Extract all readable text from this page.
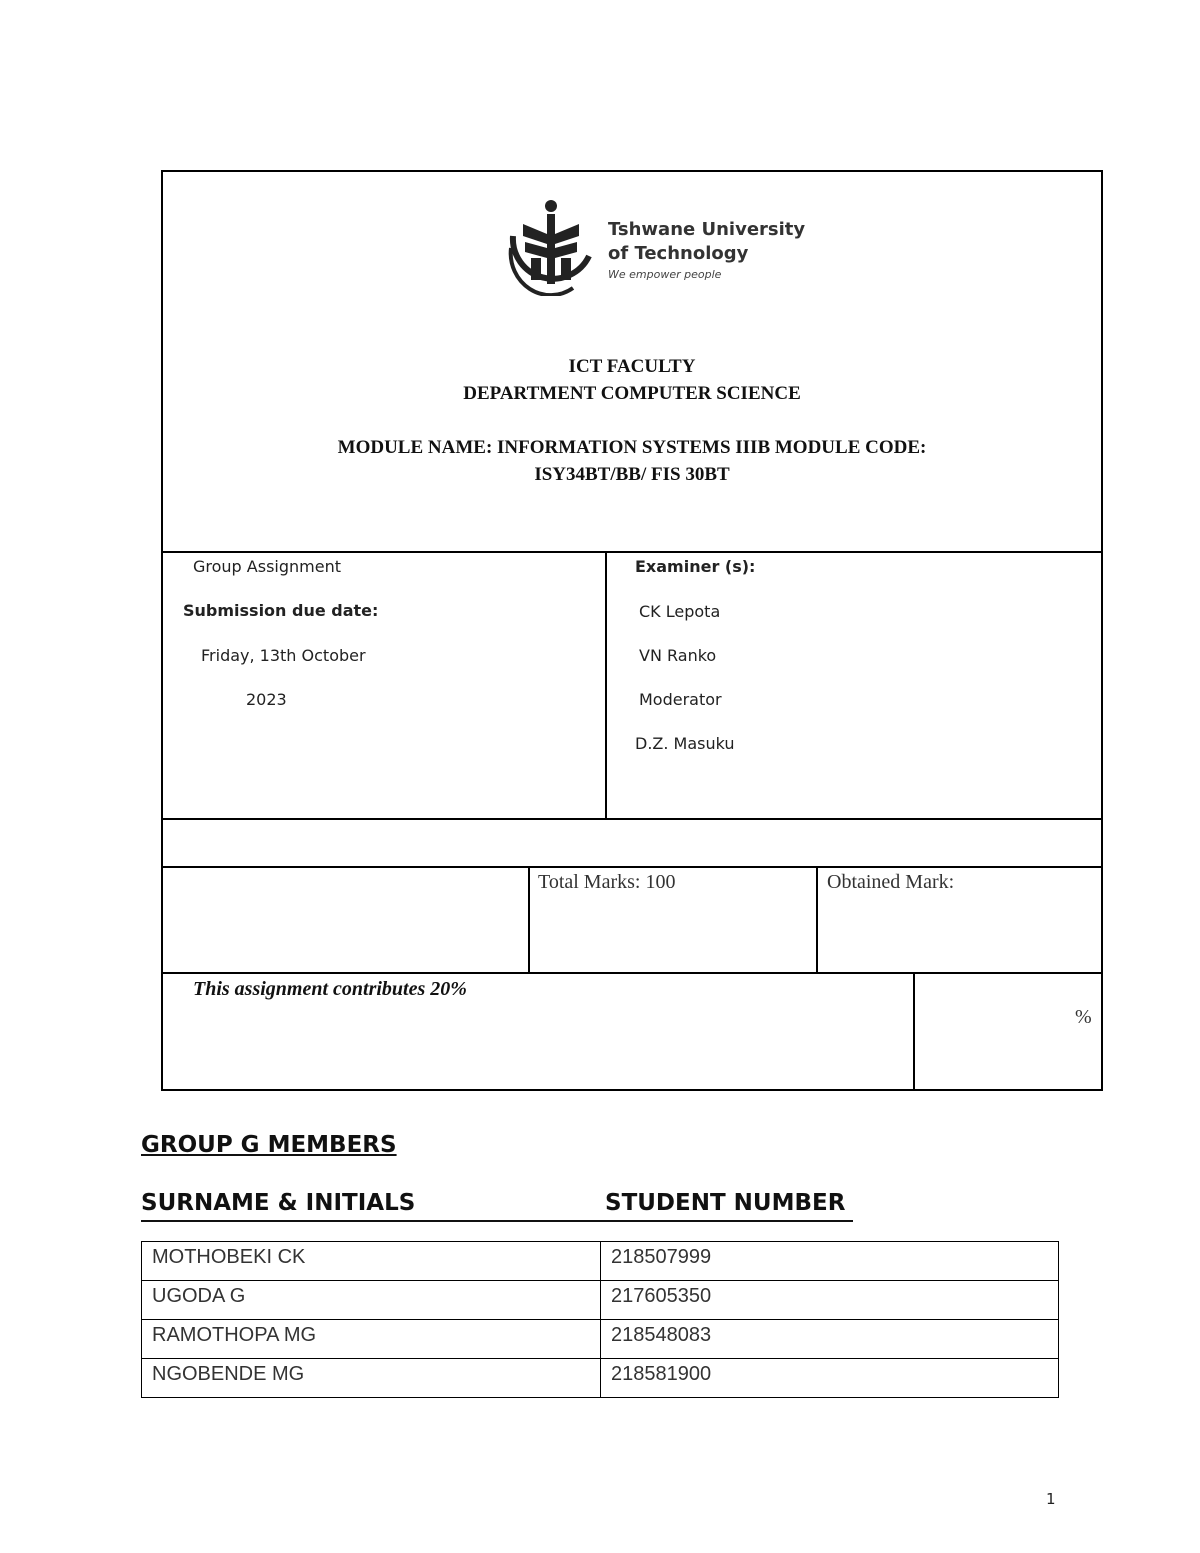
Tshwane University
of Technology
We empower people
ICT FACULTY
DEPARTMENT COMPUTER SCIENCE
MODULE NAME: INFORMATION SYSTEMS IIIB MODULE CODE:
ISY34BT/BB/ FIS 30BT
Group Assignment
Submission due date:
Friday, 13th October
2023
Examiner (s):
CK Lepota
VN Ranko
Moderator
D.Z. Masuku
Total Marks: 100	Obtained Mark:
This assignment contributes 20%
%
GROUP G MEMBERS
SURNAME & INITIALS	STUDENT NUMBER
MOTHOBEKI CK	218507999
UGODA G	217605350
RAMOTHOPA MG	218548083
NGOBENDE MG	218581900
1
